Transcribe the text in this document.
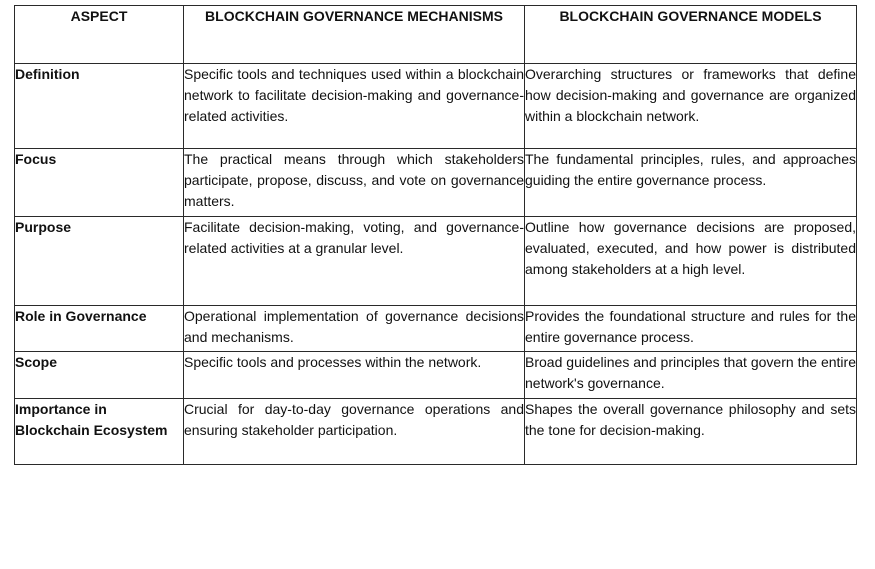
ASPECT	BLOCKCHAIN GOVERNANCE MECHANISMS	BLOCKCHAIN GOVERNANCE MODELS
Definition	Specific tools and techniques used within a blockchain network to facilitate decision-making and governance-related activities.	Overarching structures or frameworks that define how decision-making and governance are organized within a blockchain network.
Focus	The practical means through which stakeholders participate, propose, discuss, and vote on governance matters.	The fundamental principles, rules, and approaches guiding the entire governance process.
Purpose	Facilitate decision-making, voting, and governance-related activities at a granular level.	Outline how governance decisions are proposed, evaluated, executed, and how power is distributed among stakeholders at a high level.
Role in Governance	Operational implementation of governance decisions and mechanisms.	Provides the foundational structure and rules for the entire governance process.
Scope	Specific tools and processes within the network.	Broad guidelines and principles that govern the entire network's governance.
Importance in Blockchain Ecosystem	Crucial for day-to-day governance operations and ensuring stakeholder participation.	Shapes the overall governance philosophy and sets the tone for decision-making.
